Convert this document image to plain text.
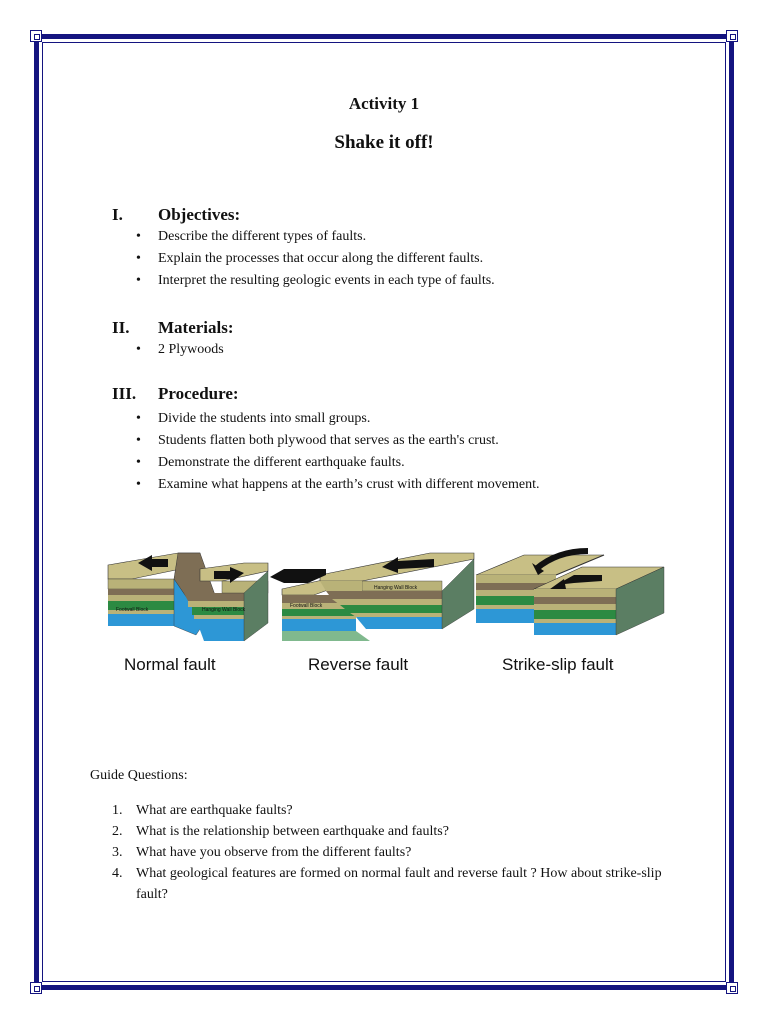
Activity 1
Shake it off!
I. Objectives:
• Describe the different types of faults.
• Explain the processes that occur along the different faults.
• Interpret the resulting geologic events in each type of faults.
II. Materials:
• 2 Plywoods
III. Procedure:
• Divide the students into small groups.
• Students flatten both plywood that serves as the earth's crust.
• Demonstrate the different earthquake faults.
• Examine what happens at the earth’s crust with different movement.
Footwall Block	Hanging Wall Block
Footwall Block
Hanging Wall Block
Normal fault	Reverse fault	Strike-slip fault
Guide Questions:
1. What are earthquake faults?
2. What is the relationship between earthquake and faults?
3. What have you observe from the different faults?
4. What geological features are formed on normal fault and reverse fault ? How about strike-slip fault?
